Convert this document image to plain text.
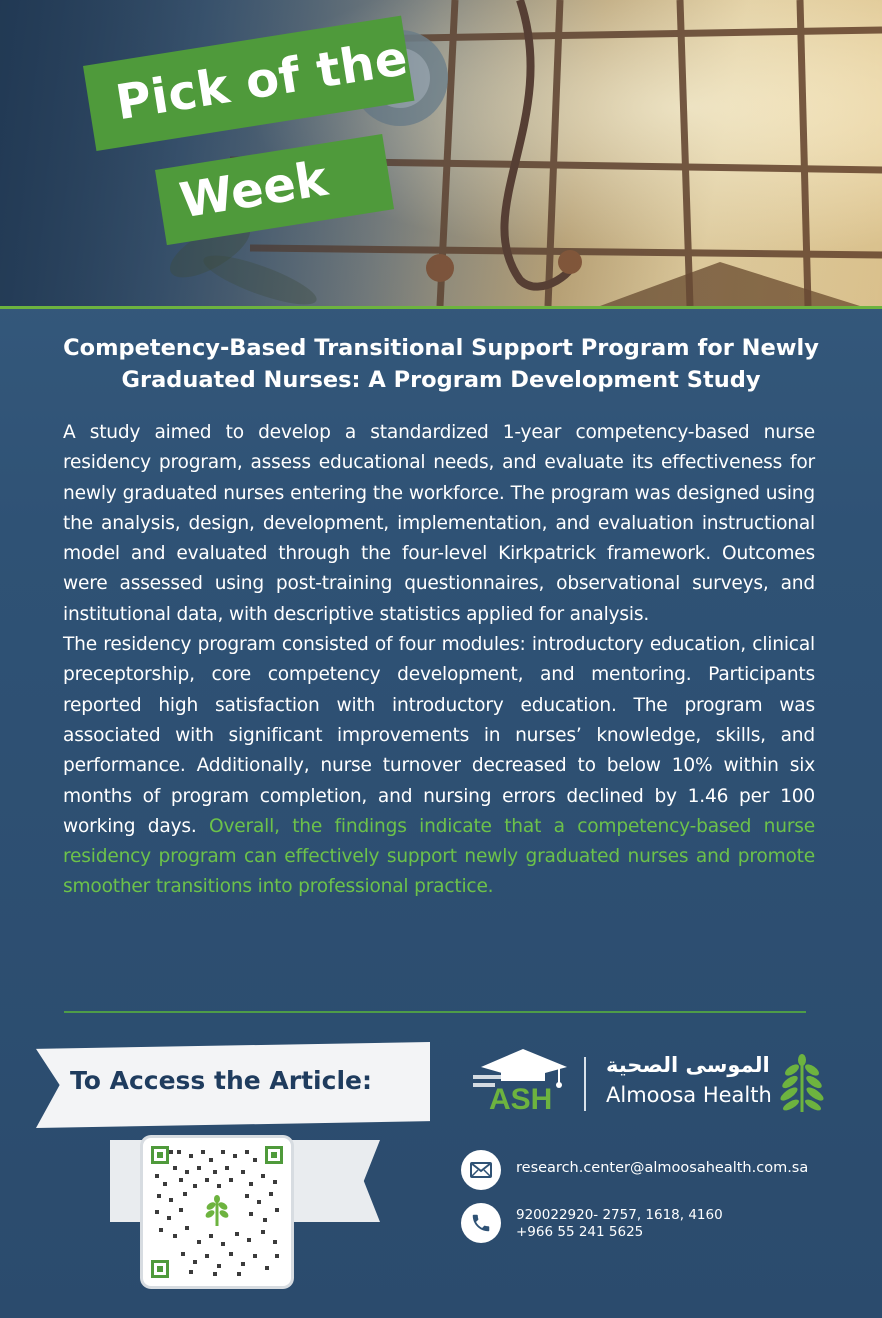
Pick of the
Week
Competency-Based Transitional Support Program for Newly Graduated Nurses: A Program Development Study

A study aimed to develop a standardized 1-year competency-based nurse residency program, assess educational needs, and evaluate its effectiveness for newly graduated nurses entering the workforce. The program was designed using the analysis, design, development, implementation, and evaluation instructional model and evaluated through the four-level Kirkpatrick framework. Outcomes were assessed using post-training questionnaires, observational surveys, and institutional data, with descriptive statistics applied for analysis.

The residency program consisted of four modules: introductory education, clinical preceptorship, core competency development, and mentoring. Participants reported high satisfaction with introductory education. The program was associated with significant improvements in nurses’ knowledge, skills, and performance. Additionally, nurse turnover decreased to below 10% within six months of program completion, and nursing errors declined by 1.46 per 100 working days. Overall, the findings indicate that a competency-based nurse residency program can effectively support newly graduated nurses and promote smoother transitions into professional practice.

To Access the Article:
ASH
الموسى الصحية
Almoosa Health
research.center@almoosahealth.com.sa
920022920- 2757, 1618, 4160
+966 55 241 5625
